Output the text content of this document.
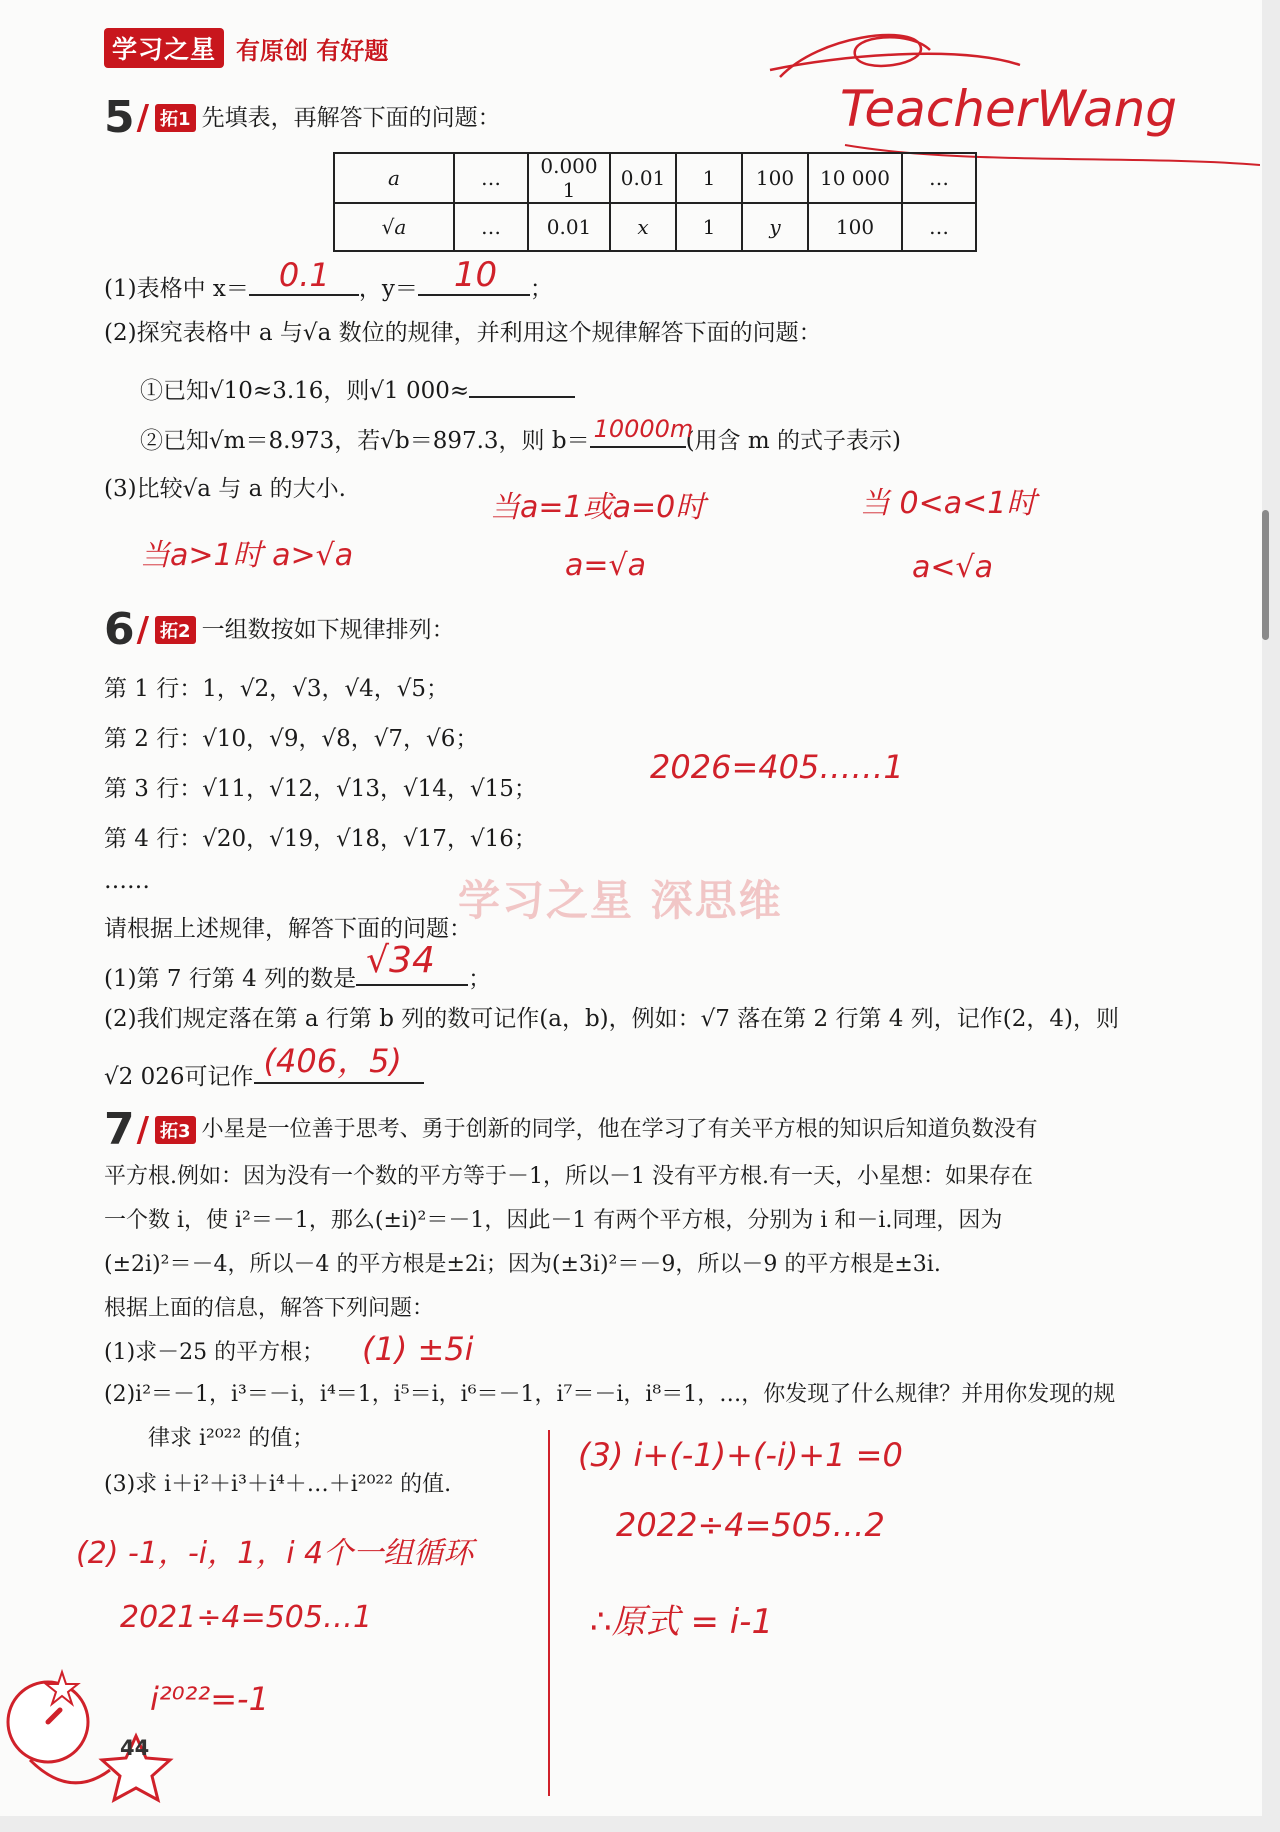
学习之星 有原创 有好题
TeacherWang
5 / 拓1 先填表，再解答下面的问题：
a	…	0.000 1	0.01	1	100	10 000	…
√a	…	0.01	x	1	y	100	…
(1)表格中 x＝ 0.1 ，y＝ 10 ；
(2)探究表格中 a 与√a 数位的规律，并利用这个规律解答下面的问题：
①已知√10≈3.16，则√1 000≈
②已知√m＝8.973，若√b＝897.3，则 b＝ 10000m
(用含 m 的式子表示)
(3)比较√a 与 a 的大小.
当a>1时 a>√a
当a=1或a=0时
a=√a
当 0<a<1时
a<√a
6 / 拓2 一组数按如下规律排列：
第 1 行：1，√2，√3，√4，√5；
第 2 行：√10，√9，√8，√7，√6；
第 3 行：√11，√12，√13，√14，√15；
第 4 行：√20，√19，√18，√17，√16；
……
2026=405……1
学习之星 深思维
请根据上述规律，解答下面的问题：
(1)第 7 行第 4 列的数是 √34 ；
(2)我们规定落在第 a 行第 b 列的数可记作(a，b)，例如：√7 落在第 2 行第 4 列，记作(2，4)，则
√2 026可记作 (406，5)
7 / 拓3 小星是一位善于思考、勇于创新的同学，他在学习了有关平方根的知识后知道负数没有
平方根.例如：因为没有一个数的平方等于－1，所以－1 没有平方根.有一天，小星想：如果存在
一个数 i，使 i²＝－1，那么(±i)²＝－1，因此－1 有两个平方根，分别为 i 和－i.同理，因为
(±2i)²＝－4，所以－4 的平方根是±2i；因为(±3i)²＝－9，所以－9 的平方根是±3i.
根据上面的信息，解答下列问题：
(1)求－25 的平方根； (1) ±5i
(2)i²＝－1，i³＝－i，i⁴＝1，i⁵＝i，i⁶＝－1，i⁷＝－i，i⁸＝1，…，你发现了什么规律？并用你发现的规
律求 i²⁰²² 的值；
(3)求 i＋i²＋i³＋i⁴＋…＋i²⁰²² 的值.
(2) -1，-i，1，i 4个一组循环
2021÷4=505…1
i²⁰²²=-1
(3) i+(-1)+(-i)+1 =0
2022÷4=505…2
∴原式 = i-1
44
